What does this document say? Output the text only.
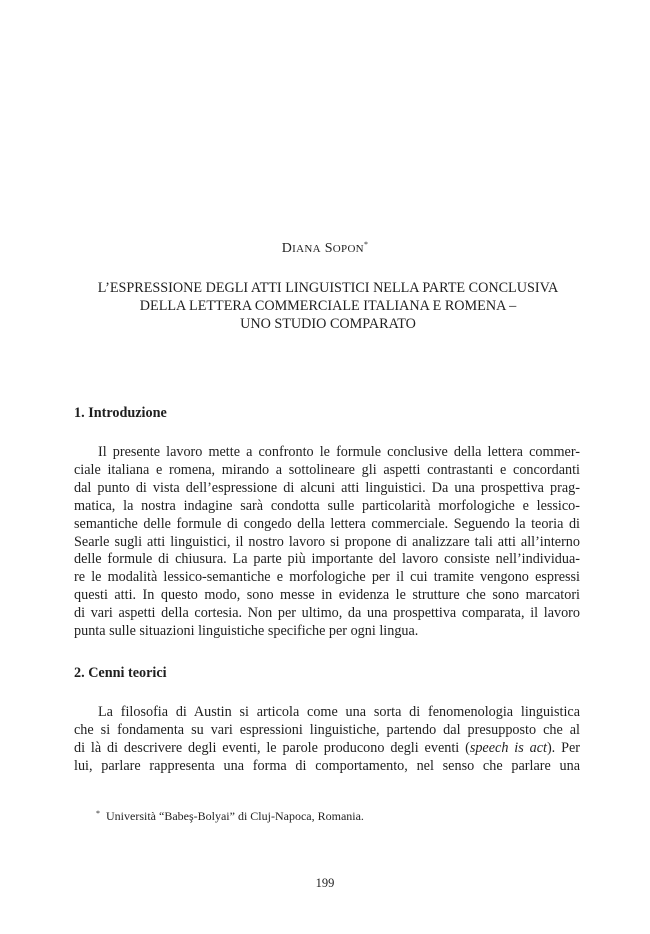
DIANA SOPON*
L’ESPRESSIONE DEGLI ATTI LINGUISTICI NELLA PARTE CONCLUSIVA
DELLA LETTERA COMMERCIALE ITALIANA E ROMENA –
UNO STUDIO COMPARATO
1. Introduzione
Il presente lavoro mette a confronto le formule conclusive della lettera commer-
ciale italiana e romena, mirando a sottolineare gli aspetti contrastanti e concordanti
dal punto di vista dell’espressione di alcuni atti linguistici. Da una prospettiva prag-
matica, la nostra indagine sarà condotta sulle particolarità morfologiche e lessico-
semantiche delle formule di congedo della lettera commerciale. Seguendo la teoria di
Searle sugli atti linguistici, il nostro lavoro si propone di analizzare tali atti all’interno
delle formule di chiusura. La parte più importante del lavoro consiste nell’individua-
re le modalità lessico-semantiche e morfologiche per il cui tramite vengono espressi
questi atti. In questo modo, sono messe in evidenza le strutture che sono marcatori
di vari aspetti della cortesia. Non per ultimo, da una prospettiva comparata, il lavoro
punta sulle situazioni linguistiche specifiche per ogni lingua.
2. Cenni teorici
La filosofia di Austin si articola come una sorta di fenomenologia linguistica
che si fondamenta su vari espressioni linguistiche, partendo dal presupposto che al
di là di descrivere degli eventi, le parole producono degli eventi (speech is act). Per
lui, parlare rappresenta una forma di comportamento, nel senso che parlare una
* Università “Babeş-Bolyai” di Cluj-Napoca, Romania.
199
